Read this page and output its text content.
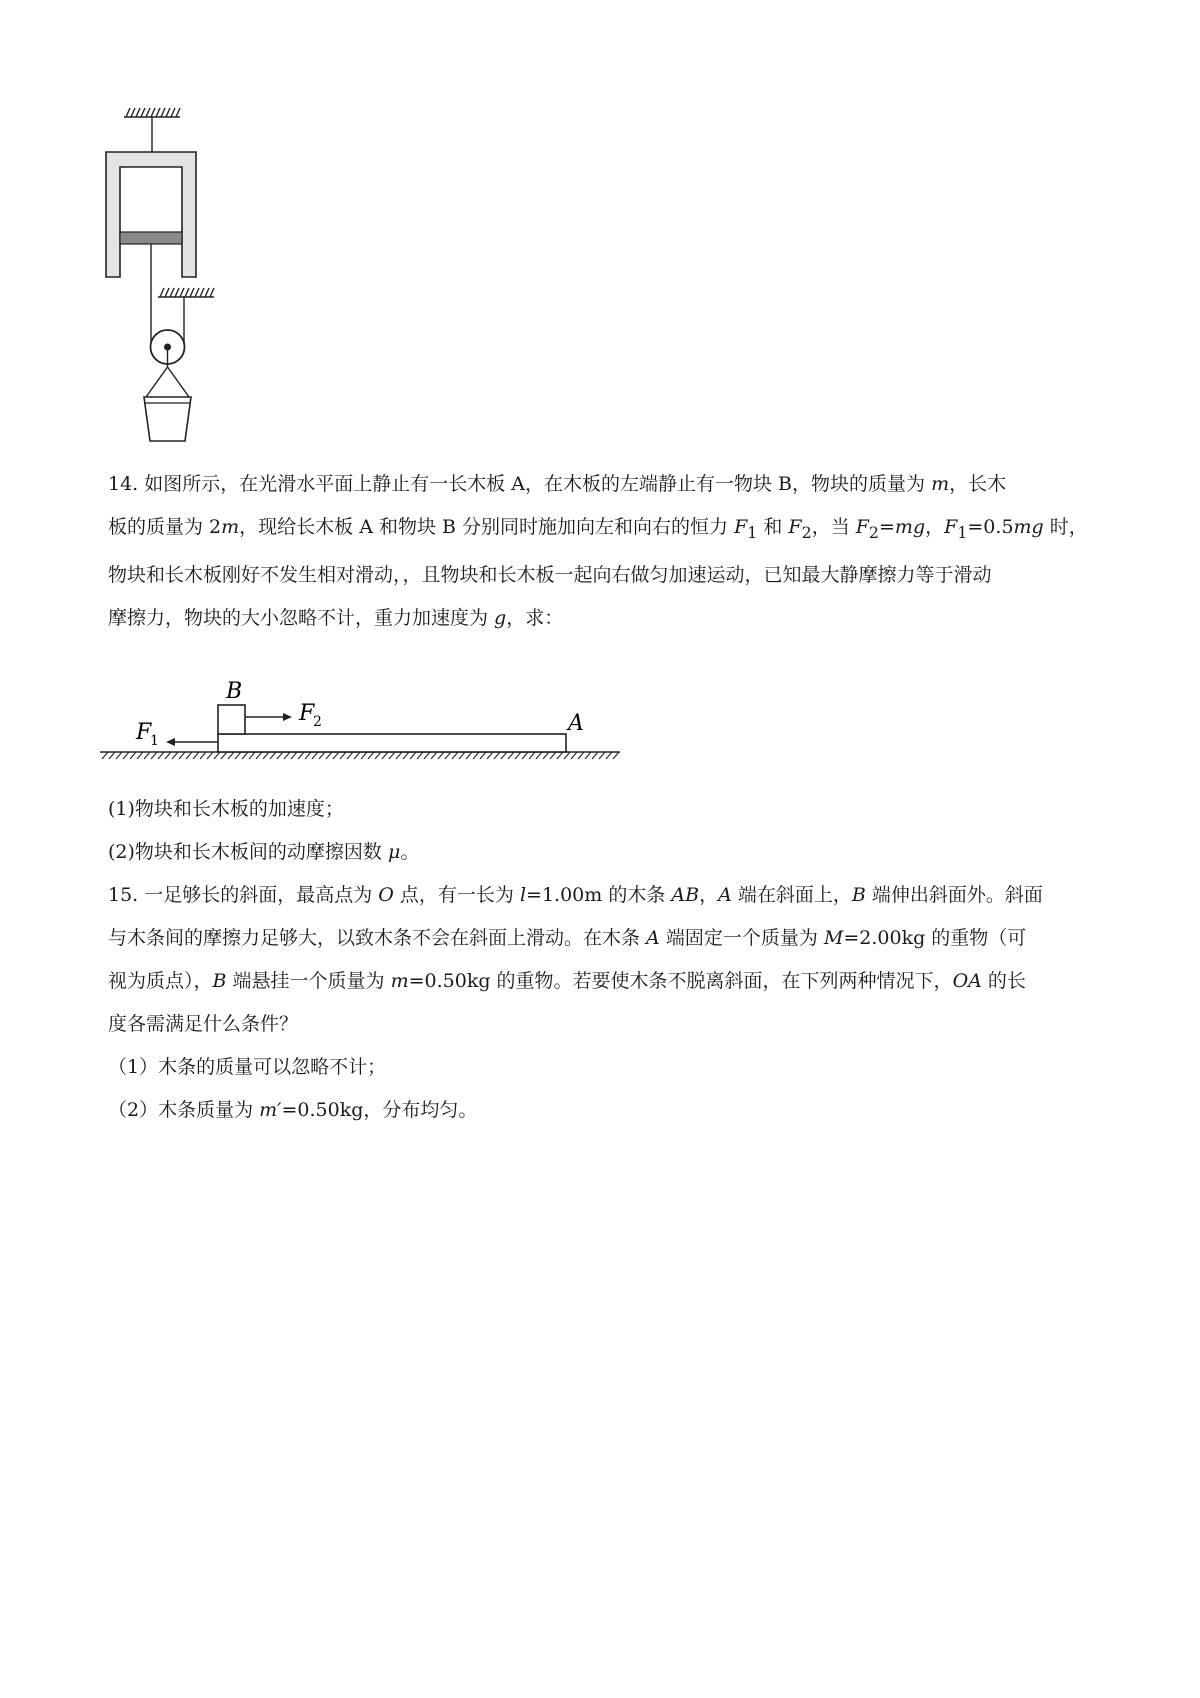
14. 如图所示，在光滑水平面上静止有一长木板 A，在木板的左端静止有一物块 B，物块的质量为 m，长木

板的质量为 2m，现给长木板 A 和物块 B 分别同时施加向左和向右的恒力 $F_1$ 和 $F_2$，当 $F_2=mg$，$F_1=0.5mg$ 时，

物块和长木板刚好不发生相对滑动，，且物块和长木板一起向右做匀加速运动，已知最大静摩擦力等于滑动

摩擦力，物块的大小忽略不计，重力加速度为 g，求：

B
A
F
2
F
1

(1)物块和长木板的加速度；

(2)物块和长木板间的动摩擦因数 μ。

15. 一足够长的斜面，最高点为 O 点，有一长为 l=1.00m 的木条 AB，A 端在斜面上，B 端伸出斜面外。斜面

与木条间的摩擦力足够大，以致木条不会在斜面上滑动。在木条 A 端固定一个质量为 M=2.00kg 的重物（可

视为质点），B 端悬挂一个质量为 m=0.50kg 的重物。若要使木条不脱离斜面，在下列两种情况下，OA 的长

度各需满足什么条件？

（1）木条的质量可以忽略不计；

（2）木条质量为 m′=0.50kg，分布均匀。
